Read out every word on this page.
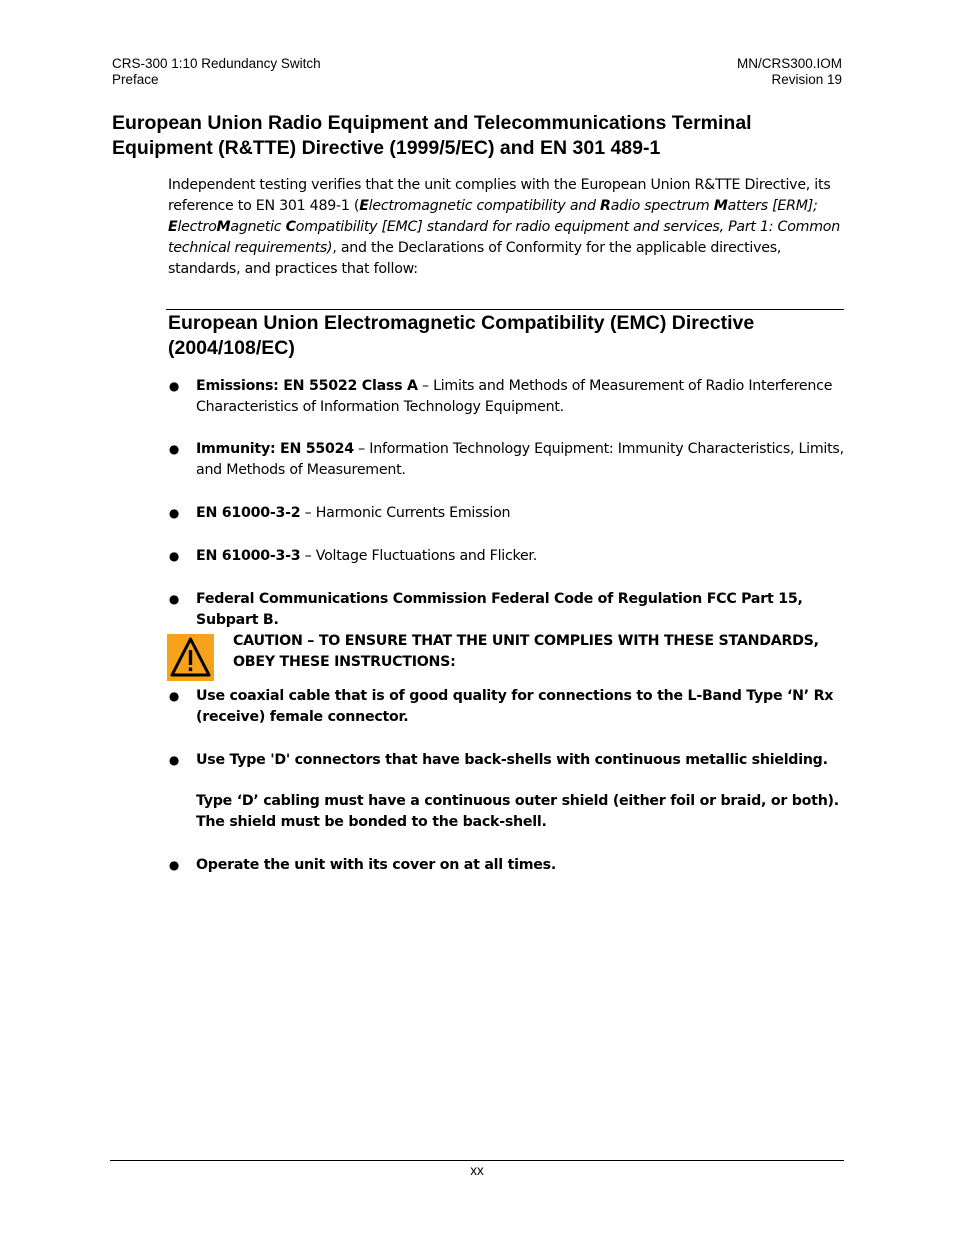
CRS-300 1:10 Redundancy Switch
Preface
MN/CRS300.IOM
Revision 19
European Union Radio Equipment and Telecommunications Terminal Equipment (R&TTE) Directive (1999/5/EC) and EN 301 489-1

Independent testing verifies that the unit complies with the European Union R&TTE Directive, its reference to EN 301 489-1 (Electromagnetic compatibility and Radio spectrum Matters [ERM]; ElectroMagnetic Compatibility [EMC] standard for radio equipment and services, Part 1: Common technical requirements), and the Declarations of Conformity for the applicable directives, standards, and practices that follow:

European Union Electromagnetic Compatibility (EMC) Directive (2004/108/EC)
● Emissions: EN 55022 Class A – Limits and Methods of Measurement of Radio Interference Characteristics of Information Technology Equipment.
● Immunity: EN 55024 – Information Technology Equipment: Immunity Characteristics, Limits, and Methods of Measurement.
● EN 61000-3-2 – Harmonic Currents Emission
● EN 61000-3-3 – Voltage Fluctuations and Flicker.
● Federal Communications Commission Federal Code of Regulation FCC Part 15, Subpart B.

CAUTION – TO ENSURE THAT THE UNIT COMPLIES WITH THESE STANDARDS, OBEY THESE INSTRUCTIONS:

● Use coaxial cable that is of good quality for connections to the L-Band Type ‘N’ Rx (receive) female connector.
● Use Type 'D' connectors that have back-shells with continuous metallic shielding.
Type ‘D’ cabling must have a continuous outer shield (either foil or braid, or both). The shield must be bonded to the back-shell.
● Operate the unit with its cover on at all times.
xx
